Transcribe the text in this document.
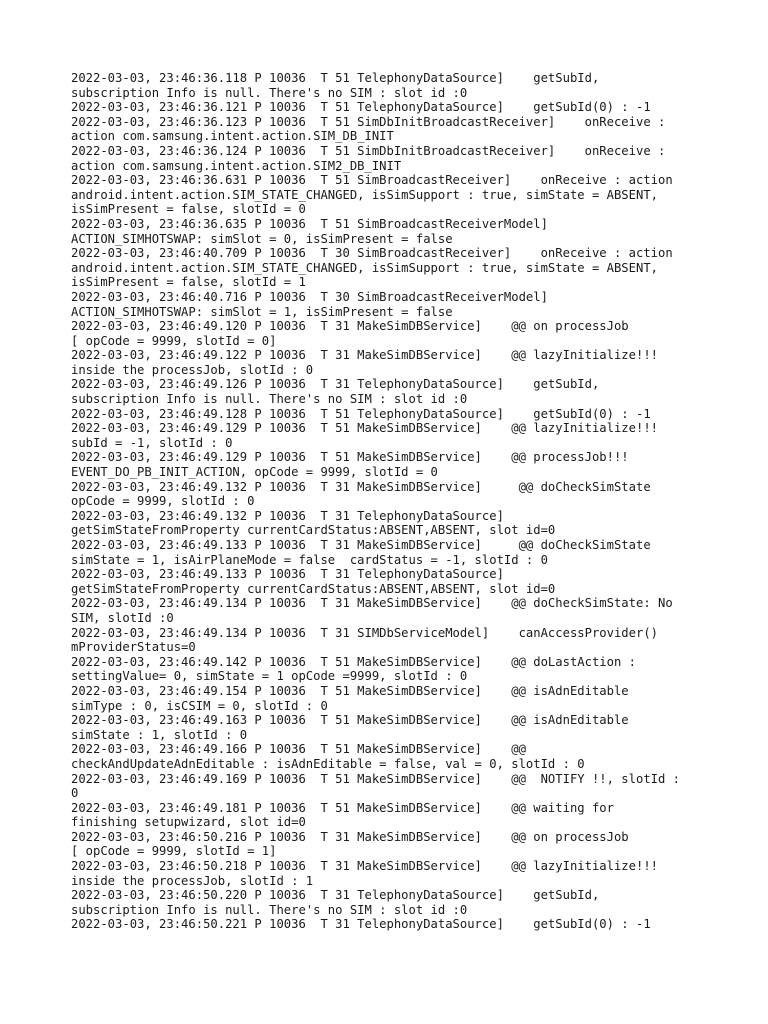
2022-03-03, 23:46:36.118 P 10036  T 51 TelephonyDataSource]    getSubId,
subscription Info is null. There's no SIM : slot id :0
2022-03-03, 23:46:36.121 P 10036  T 51 TelephonyDataSource]    getSubId(0) : -1
2022-03-03, 23:46:36.123 P 10036  T 51 SimDbInitBroadcastReceiver]    onReceive :
action com.samsung.intent.action.SIM_DB_INIT
2022-03-03, 23:46:36.124 P 10036  T 51 SimDbInitBroadcastReceiver]    onReceive :
action com.samsung.intent.action.SIM2_DB_INIT
2022-03-03, 23:46:36.631 P 10036  T 51 SimBroadcastReceiver]    onReceive : action
android.intent.action.SIM_STATE_CHANGED, isSimSupport : true, simState = ABSENT,
isSimPresent = false, slotId = 0
2022-03-03, 23:46:36.635 P 10036  T 51 SimBroadcastReceiverModel]
ACTION_SIMHOTSWAP: simSlot = 0, isSimPresent = false
2022-03-03, 23:46:40.709 P 10036  T 30 SimBroadcastReceiver]    onReceive : action
android.intent.action.SIM_STATE_CHANGED, isSimSupport : true, simState = ABSENT,
isSimPresent = false, slotId = 1
2022-03-03, 23:46:40.716 P 10036  T 30 SimBroadcastReceiverModel]
ACTION_SIMHOTSWAP: simSlot = 1, isSimPresent = false
2022-03-03, 23:46:49.120 P 10036  T 31 MakeSimDBService]    @@ on processJob
[ opCode = 9999, slotId = 0]
2022-03-03, 23:46:49.122 P 10036  T 31 MakeSimDBService]    @@ lazyInitialize!!!
inside the processJob, slotId : 0
2022-03-03, 23:46:49.126 P 10036  T 31 TelephonyDataSource]    getSubId,
subscription Info is null. There's no SIM : slot id :0
2022-03-03, 23:46:49.128 P 10036  T 51 TelephonyDataSource]    getSubId(0) : -1
2022-03-03, 23:46:49.129 P 10036  T 51 MakeSimDBService]    @@ lazyInitialize!!!
subId = -1, slotId : 0
2022-03-03, 23:46:49.129 P 10036  T 51 MakeSimDBService]    @@ processJob!!!
EVENT_DO_PB_INIT_ACTION, opCode = 9999, slotId = 0
2022-03-03, 23:46:49.132 P 10036  T 31 MakeSimDBService]     @@ doCheckSimState
opCode = 9999, slotId : 0
2022-03-03, 23:46:49.132 P 10036  T 31 TelephonyDataSource]
getSimStateFromProperty currentCardStatus:ABSENT,ABSENT, slot id=0
2022-03-03, 23:46:49.133 P 10036  T 31 MakeSimDBService]     @@ doCheckSimState
simState = 1, isAirPlaneMode = false  cardStatus = -1, slotId : 0
2022-03-03, 23:46:49.133 P 10036  T 31 TelephonyDataSource]
getSimStateFromProperty currentCardStatus:ABSENT,ABSENT, slot id=0
2022-03-03, 23:46:49.134 P 10036  T 31 MakeSimDBService]    @@ doCheckSimState: No
SIM, slotId :0
2022-03-03, 23:46:49.134 P 10036  T 31 SIMDbServiceModel]    canAccessProvider()
mProviderStatus=0
2022-03-03, 23:46:49.142 P 10036  T 51 MakeSimDBService]    @@ doLastAction :
settingValue= 0, simState = 1 opCode =9999, slotId : 0
2022-03-03, 23:46:49.154 P 10036  T 51 MakeSimDBService]    @@ isAdnEditable
simType : 0, isCSIM = 0, slotId : 0
2022-03-03, 23:46:49.163 P 10036  T 51 MakeSimDBService]    @@ isAdnEditable
simState : 1, slotId : 0
2022-03-03, 23:46:49.166 P 10036  T 51 MakeSimDBService]    @@
checkAndUpdateAdnEditable : isAdnEditable = false, val = 0, slotId : 0
2022-03-03, 23:46:49.169 P 10036  T 51 MakeSimDBService]    @@  NOTIFY !!, slotId :
0
2022-03-03, 23:46:49.181 P 10036  T 51 MakeSimDBService]    @@ waiting for
finishing setupwizard, slot id=0
2022-03-03, 23:46:50.216 P 10036  T 31 MakeSimDBService]    @@ on processJob
[ opCode = 9999, slotId = 1]
2022-03-03, 23:46:50.218 P 10036  T 31 MakeSimDBService]    @@ lazyInitialize!!!
inside the processJob, slotId : 1
2022-03-03, 23:46:50.220 P 10036  T 31 TelephonyDataSource]    getSubId,
subscription Info is null. There's no SIM : slot id :0
2022-03-03, 23:46:50.221 P 10036  T 31 TelephonyDataSource]    getSubId(0) : -1
